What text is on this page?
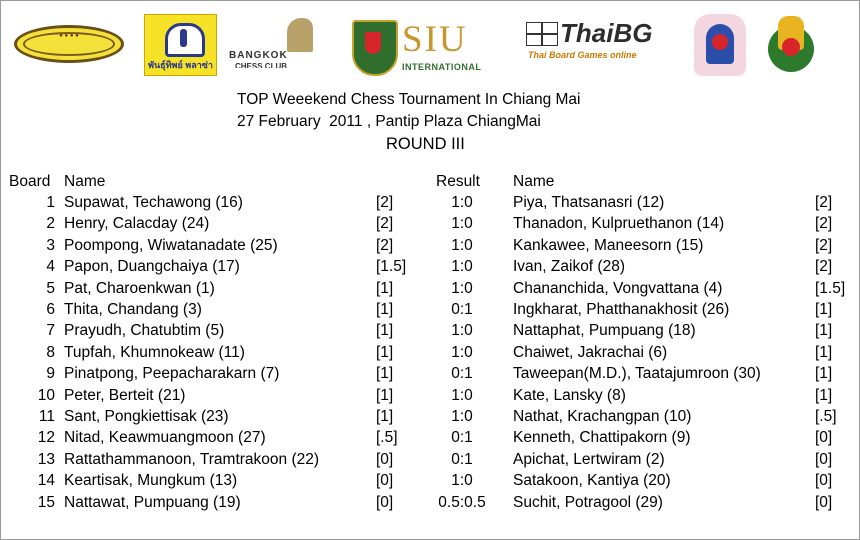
● ● ● ●
พันธุ์ทิพย์ พลาซ่า
BANGKOK
CHESS CLUB
SIU
INTERNATIONAL
ThaiBG
Thai Board Games online
TOP Weeekend Chess Tournament In Chiang Mai
27 February  2011 , Pantip Plaza ChiangMai
ROUND III
Board Name	Result Name
1 Supawat, Techawong (16)	[2]	1:0	Piya, Thatsanasri (12)	[2]
2 Henry, Calacday (24)	[2]	1:0	Thanadon, Kulpruethanon (14)	[2]
3 Poompong, Wiwatanadate (25)	[2]	1:0	Kankawee, Maneesorn (15)	[2]
4 Papon, Duangchaiya (17)	[1.5]	1:0	Ivan, Zaikof (28)	[2]
5 Pat, Charoenkwan (1)	[1]	1:0	Chananchida, Vongvattana (4)	[1.5]
6 Thita, Chandang (3)	[1]	0:1	Ingkharat, Phatthanakhosit (26)	[1]
7 Prayudh, Chatubtim (5)	[1]	1:0	Nattaphat, Pumpuang (18)	[1]
8 Tupfah, Khumnokeaw (11)	[1]	1:0	Chaiwet, Jakrachai (6)	[1]
9 Pinatpong, Peepacharakarn (7)	[1]	0:1	Taweepan(M.D.), Taatajumroon (30)	[1]
10 Peter, Berteit (21)	[1]	1:0	Kate, Lansky (8)	[1]
11 Sant, Pongkiettisak (23)	[1]	1:0	Nathat, Krachangpan (10)	[.5]
12 Nitad, Keawmuangmoon (27)	[.5]	0:1	Kenneth, Chattipakorn (9)	[0]
13 Rattathammanoon, Tramtrakoon (22)	[0]	0:1	Apichat, Lertwiram (2)	[0]
14 Keartisak, Mungkum (13)	[0]	1:0	Satakoon, Kantiya (20)	[0]
15 Nattawat, Pumpuang (19)	[0]	0.5:0.5 Suchit, Potragool (29)	[0]
